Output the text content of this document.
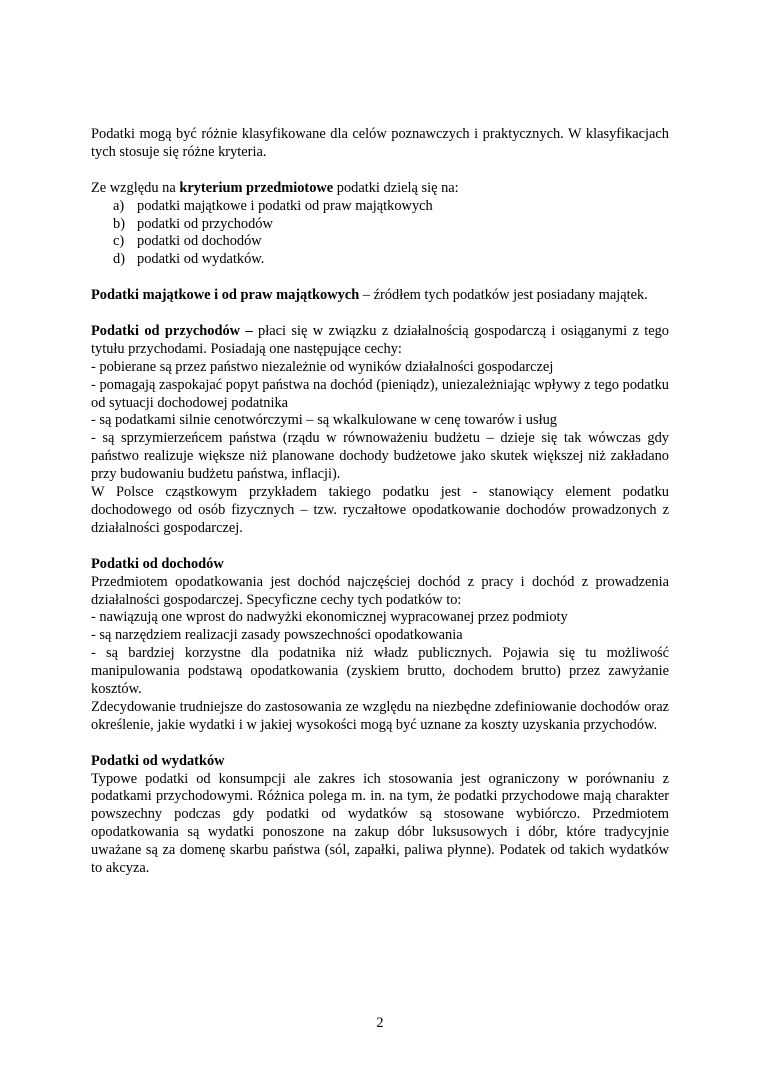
Podatki mogą być różnie klasyfikowane dla celów poznawczych i praktycznych. W klasyfikacjach tych stosuje się różne kryteria.

Ze względu na kryterium przedmiotowe podatki dzielą się na:

a) podatki majątkowe i podatki od praw majątkowych
b) podatki od przychodów
c) podatki od dochodów
d) podatki od wydatków.

Podatki majątkowe i od praw majątkowych – źródłem tych podatków jest posiadany majątek.

Podatki od przychodów – płaci się w związku z działalnością gospodarczą i osiąganymi z tego tytułu przychodami. Posiadają one następujące cechy:

- pobierane są przez państwo niezależnie od wyników działalności gospodarczej

- pomagają zaspokajać popyt państwa na dochód (pieniądz), uniezależniając wpływy z tego podatku od sytuacji dochodowej podatnika

- są podatkami silnie cenotwórczymi – są wkalkulowane w cenę towarów i usług

- są sprzymierzeńcem państwa (rządu w równoważeniu budżetu – dzieje się tak wówczas gdy państwo realizuje większe niż planowane dochody budżetowe jako skutek większej niż zakładano przy budowaniu budżetu państwa, inflacji).

W Polsce cząstkowym przykładem takiego podatku jest - stanowiący element podatku dochodowego od osób fizycznych – tzw. ryczałtowe opodatkowanie dochodów prowadzonych z działalności gospodarczej.

Podatki od dochodów

Przedmiotem opodatkowania jest dochód najczęściej dochód z pracy i dochód z prowadzenia działalności gospodarczej. Specyficzne cechy tych podatków to:

- nawiązują one wprost do nadwyżki ekonomicznej wypracowanej przez podmioty

- są narzędziem realizacji zasady powszechności opodatkowania

- są bardziej korzystne dla podatnika niż władz publicznych. Pojawia się tu możliwość manipulowania podstawą opodatkowania (zyskiem brutto, dochodem brutto) przez zawyżanie kosztów.

Zdecydowanie trudniejsze do zastosowania ze względu na niezbędne zdefiniowanie dochodów oraz określenie, jakie wydatki i w jakiej wysokości mogą być uznane za koszty uzyskania przychodów.

Podatki od wydatków

Typowe podatki od konsumpcji ale zakres ich stosowania jest ograniczony w porównaniu z podatkami przychodowymi. Różnica polega m. in. na tym, że podatki przychodowe mają charakter powszechny podczas gdy podatki od wydatków są stosowane wybiórczo. Przedmiotem opodatkowania są wydatki ponoszone na zakup dóbr luksusowych i dóbr, które tradycyjnie uważane są za domenę skarbu państwa (sól, zapałki, paliwa płynne). Podatek od takich wydatków to akcyza.

2
